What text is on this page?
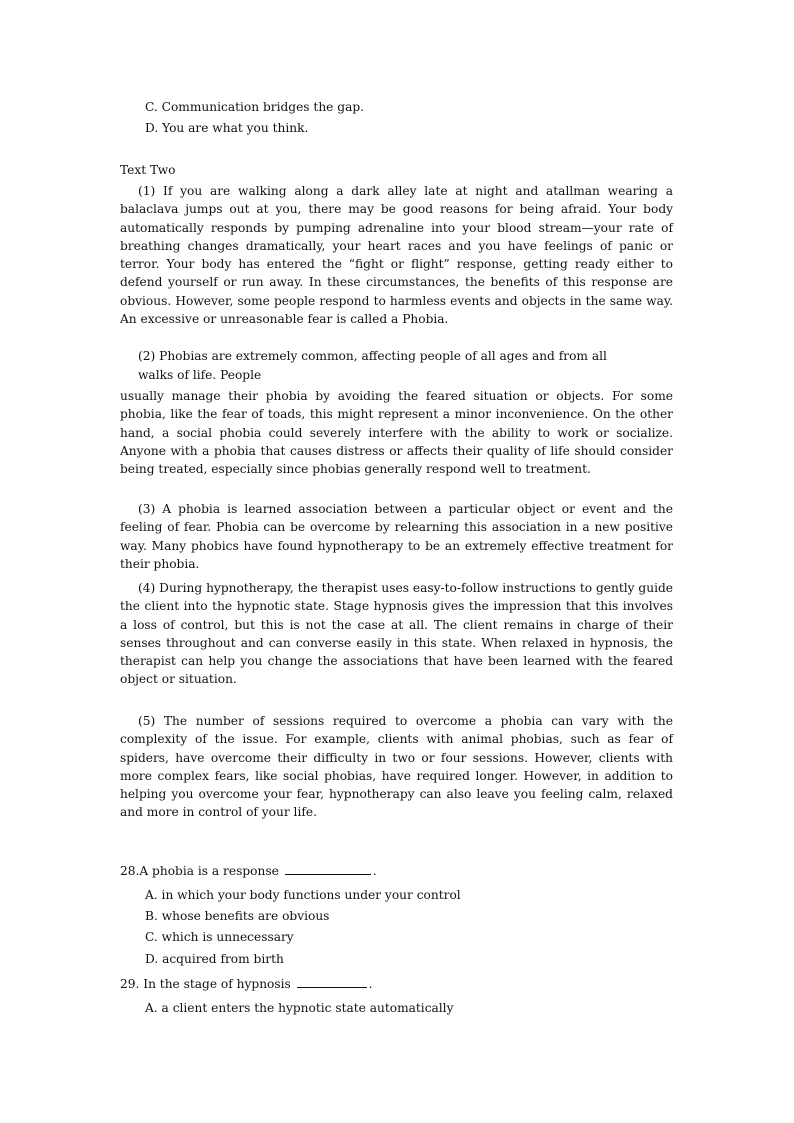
C. Communication bridges the gap.
D. You are what you think.
Text Two

(1) If you are walking along a dark alley late at night and atallman wearing a balaclava jumps out at you, there may be good reasons for being afraid. Your body automatically responds by pumping adrenaline into your blood stream—your rate of breathing changes dramatically, your heart races and you have feelings of panic or terror. Your body has entered the “fight or flight” response, getting ready either to defend yourself or run away. In these circumstances, the benefits of this response are obvious. However, some people respond to harmless events and objects in the same way. An excessive or unreasonable fear is called a Phobia.

(2) Phobias are extremely common, affecting people of all ages and from all
walks of life. People

usually manage their phobia by avoiding the feared situation or objects. For some phobia, like the fear of toads, this might represent a minor inconvenience. On the other hand, a social phobia could severely interfere with the ability to work or socialize. Anyone with a phobia that causes distress or affects their quality of life should consider being treated, especially since phobias generally respond well to treatment.

(3) A phobia is learned association between a particular object or event and the feeling of fear. Phobia can be overcome by relearning this association in a new positive way. Many phobics have found hypnotherapy to be an extremely effective treatment for their phobia.

(4) During hypnotherapy, the therapist uses easy-to-follow instructions to gently guide the client into the hypnotic state. Stage hypnosis gives the impression that this involves a loss of control, but this is not the case at all. The client remains in charge of their senses throughout and can converse easily in this state. When relaxed in hypnosis, the therapist can help you change the associations that have been learned with the feared object or situation.

(5) The number of sessions required to overcome a phobia can vary with the complexity of the issue. For example, clients with animal phobias, such as fear of spiders, have overcome their difficulty in two or four sessions. However, clients with more complex fears, like social phobias, have required longer. However, in addition to helping you overcome your fear, hypnotherapy can also leave you feeling calm, relaxed and more in control of your life.

28.A phobia is a response	.
A. in which your body functions under your control
B. whose benefits are obvious
C. which is unnecessary
D. acquired from birth
29. In the stage of hypnosis	.
A. a client enters the hypnotic state automatically
